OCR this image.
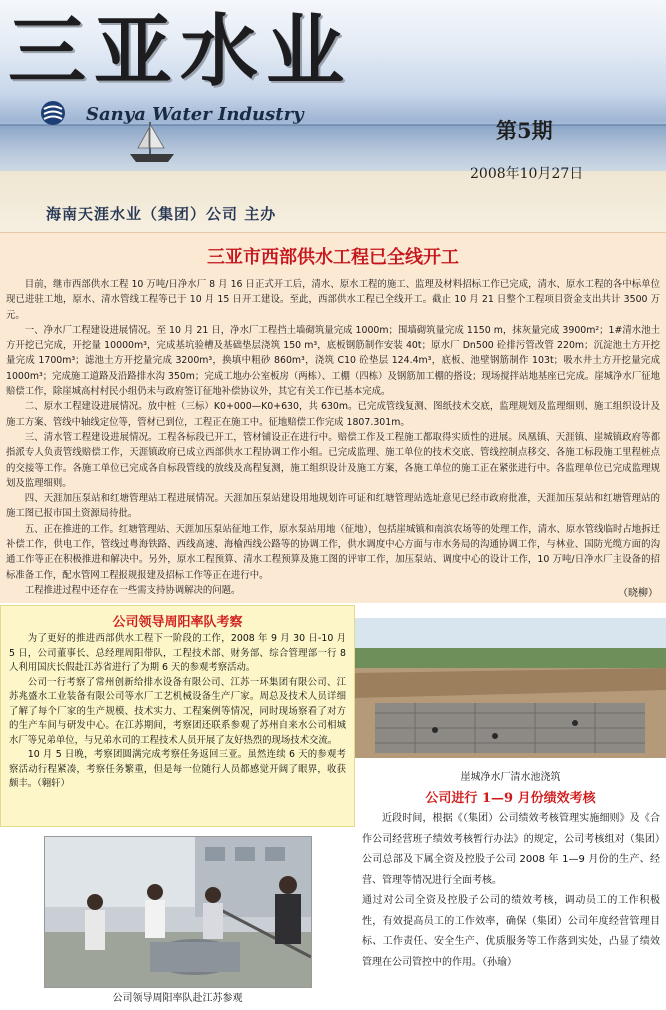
三亚水业
Sanya Water Industry
第5期
2008年10月27日
海南天涯水业（集团）公司 主办
三亚市西部供水工程已全线开工

目前，继市西部供水工程 10 万吨/日净水厂 8 月 16 日正式开工后，清水、原水工程的施工、监理及材料招标工作已完成，清水、原水工程的各中标单位现已进驻工地，原水、清水管线工程等已于 10 月 15 日开工建设。至此，西部供水工程已全线开工。截止 10 月 21 日整个工程项目资金支出共计 3500 万元。

一、净水厂工程建设进展情况。至 10 月 21 日，净水厂工程挡土墙砌筑量完成 1000m；围墙砌筑量完成 1150 m，抹灰量完成 3900m²；1#清水池土方开挖已完成，开挖量 10000m³，完成基坑验槽及基础垫层浇筑 150 m³，底板钢筋制作安装 40t；原水厂 Dn500 砼排污管改管 220m；沉淀池土方开挖量完成 1700m³；滤池土方开挖量完成 3200m³，换填中粗砂 860m³，浇筑 C10 砼垫层 124.4m³，底板、池壁钢筋制作 103t；吸水井土方开挖量完成 1000m³；完成施工道路及沿路排水沟 350m；完成工地办公室板房（两栋）、工棚（四栋）及钢筋加工棚的搭设；现场搅拌站地基座已完成。崖城净水厂征地赔偿工作，除崖城高村村民小组仍未与政府签订征地补偿协议外，其它有关工作已基本完成。

二、原水工程建设进展情况。放中桩（三标）K0+000—K0+630，共 630m。已完成管线复测、图纸技术交底，监理规划及监理细则、施工组织设计及施工方案、管线中轴线定位等，管材已到位，工程正在施工中。征地赔偿工作完成 1807.301m。

三、清水管工程建设进展情况。工程各标段已开工，管材铺设正在进行中。赔偿工作及工程施工都取得实质性的进展。凤凰镇、天涯镇、崖城镇政府等都指派专人负责管线赔偿工作，天涯镇政府已成立西部供水工程协调工作小组。已完成监理、施工单位的技术交底、管线控制点移交、各施工标段施工里程桩点的交接等工作。各施工单位已完成各自标段管线的放线及高程复测，施工组织设计及施工方案，各施工单位的施工正在紧张进行中。各监理单位已完成监理规划及监理细则。

四、天涯加压泵站和红塘管理站工程进展情况。天涯加压泵站建设用地规划许可证和红塘管理站选址意见已经市政府批准，天涯加压泵站和红塘管理站的施工图已报市国土资源局待批。

五、正在推进的工作。红塘管理站、天涯加压泵站征地工作，原水泵站用地（征地），包括崖城镇和南滨农场等的处理工作，清水、原水管线临时占地拆迁补偿工作，供电工作，管线过粤海铁路、西线高速、海榆西线公路等的协调工作，供水调度中心方面与市水务局的沟通协调工作，与林业、国防光缆方面的沟通工作等正在积极推进和解决中。另外，原水工程预算、清水工程预算及施工图的评审工作，加压泵站、调度中心的设计工作，10 万吨/日净水厂主设备的招标准备工作，配水管网工程报规报建及招标工作等正在进行中。

工程推进过程中还存在一些需支持协调解决的问题。	（晓柳）
公司领导周阳率队考察

为了更好的推进西部供水工程下一阶段的工作，2008 年 9 月 30 日-10 月 5 日，公司董事长、总经理周阳带队，工程技术部、财务部、综合管理部一行 8 人利用国庆长假赴江苏省进行了为期 6 天的参观考察活动。

公司一行考察了常州创新给排水设备有限公司、江苏一环集团有限公司、江苏兆盛水工业装备有限公司等水厂工艺机械设备生产厂家。周总及技术人员详细了解了每个厂家的生产规模、技术实力、工程案例等情况，同时现场察看了对方的生产车间与研发中心。在江苏期间，考察团还联系参观了苏州自来水公司相城水厂等兄弟单位，与兄弟水司的工程技术人员开展了友好热烈的现场技术交流。

10 月 5 日晚，考察团圆满完成考察任务返回三亚。虽然连续 6 天的参观考察活动行程紧凑，考察任务繁重，但是每一位随行人员都感觉开阔了眼界，收获颇丰。（翱轩）

公司领导周阳率队赴江苏参观
崖城净水厂清水池浇筑
公司进行 1—9 月份绩效考核

近段时间，根据《（集团）公司绩效考核管理实施细则》及《合作公司经营班子绩效考核暂行办法》的规定，公司考核组对（集团）公司总部及下属全资及控股子公司 2008 年 1—9 月份的生产、经营、管理等情况进行全面考核。

通过对公司全资及控股子公司的绩效考核，调动员工的工作积极性，有效提高员工的工作效率，确保（集团）公司年度经营管理目标、工作责任、安全生产、优质服务等工作落到实处，凸显了绩效管理在公司管控中的作用。（孙瑜）
